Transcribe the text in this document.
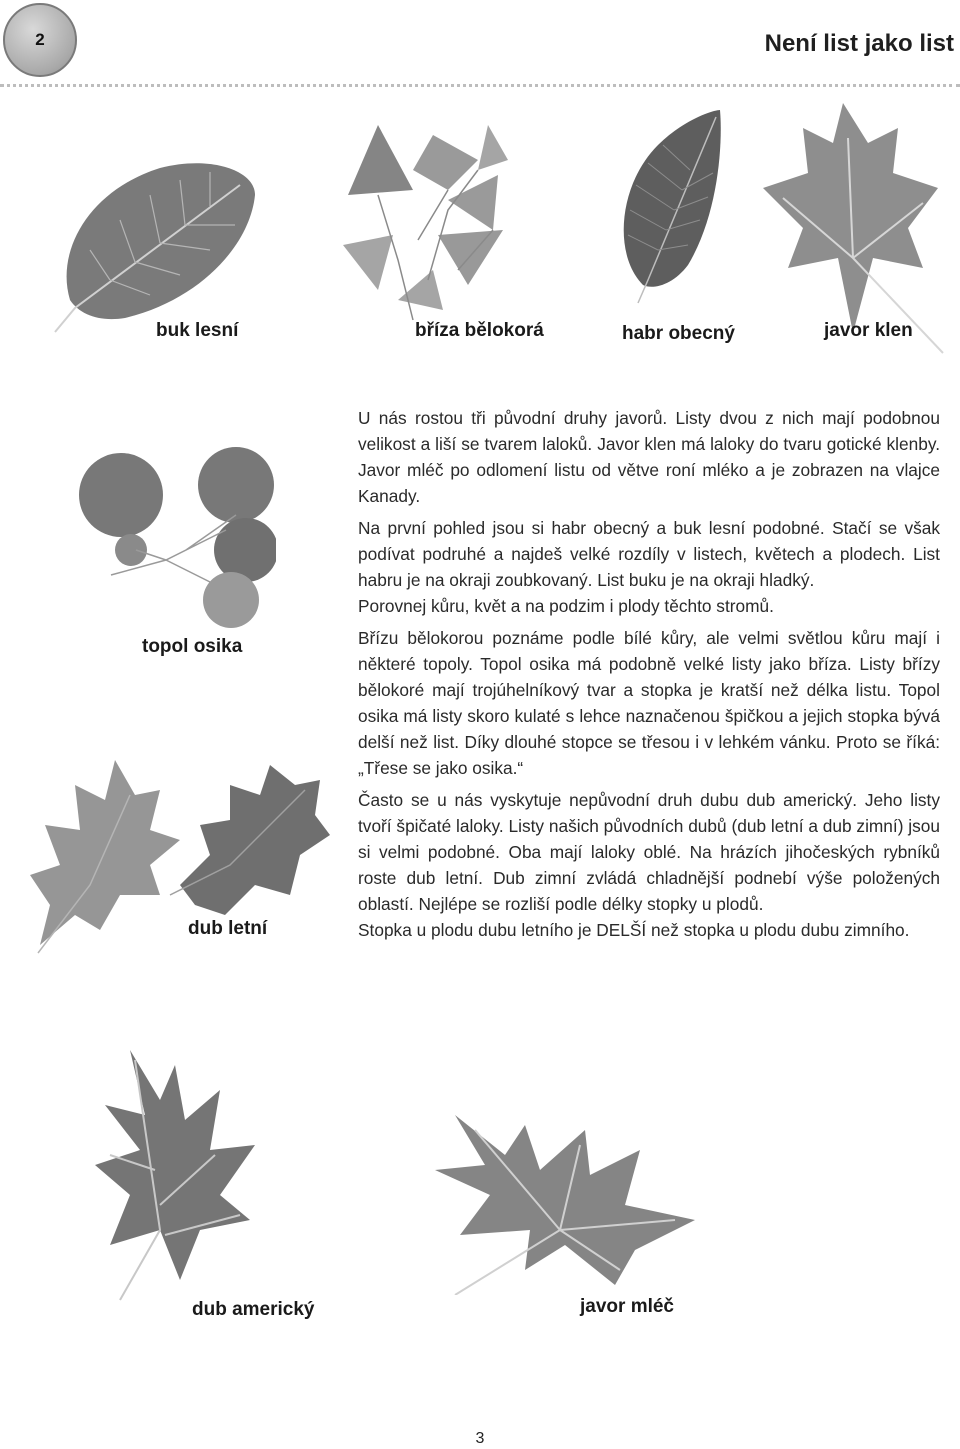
2	Není list jako list
buk lesní	bříza bělokorá	habr obecný	javor klen
topol osika
dub letní
dub americký	javor mléč

U nás rostou tři původní druhy javorů. Listy dvou z nich mají podobnou velikost a liší se tvarem laloků. Javor klen má laloky do tvaru gotické klenby. Javor mléč po odlomení listu od větve roní mléko a je zobrazen na vlajce Kanady.

Na první pohled jsou si habr obecný a buk lesní podobné. Stačí se však podívat podruhé a najdeš velké rozdíly v listech, květech a plodech. List habru je na okraji zoubkovaný. List buku je na okraji hladký.

Porovnej kůru, květ a na podzim i plody těchto stromů.

Břízu bělokorou poznáme podle bílé kůry, ale velmi světlou kůru mají i některé topoly. Topol osika má podobně velké listy jako bříza. Listy břízy bělokoré mají trojúhelníkový tvar a stopka je kratší než délka listu. Topol osika má listy skoro kulaté s lehce naznačenou špičkou a jejich stopka bývá delší než list. Díky dlouhé stopce se třesou i v lehkém vánku. Proto se říká: „Třese se jako osika.“

Často se u nás vyskytuje nepůvodní druh dubu dub americký. Jeho listy tvoří špičaté laloky. Listy našich původních dubů (dub letní a dub zimní) jsou si velmi podobné. Oba mají laloky oblé. Na hrázích jihočeských rybníků roste dub letní. Dub zimní zvládá chladnější podnebí výše položených oblastí. Nejlépe se rozliší podle délky stopky u plodů.

Stopka u plodu dubu letního je DELŠÍ než stopka u plodu dubu zimního.

3
